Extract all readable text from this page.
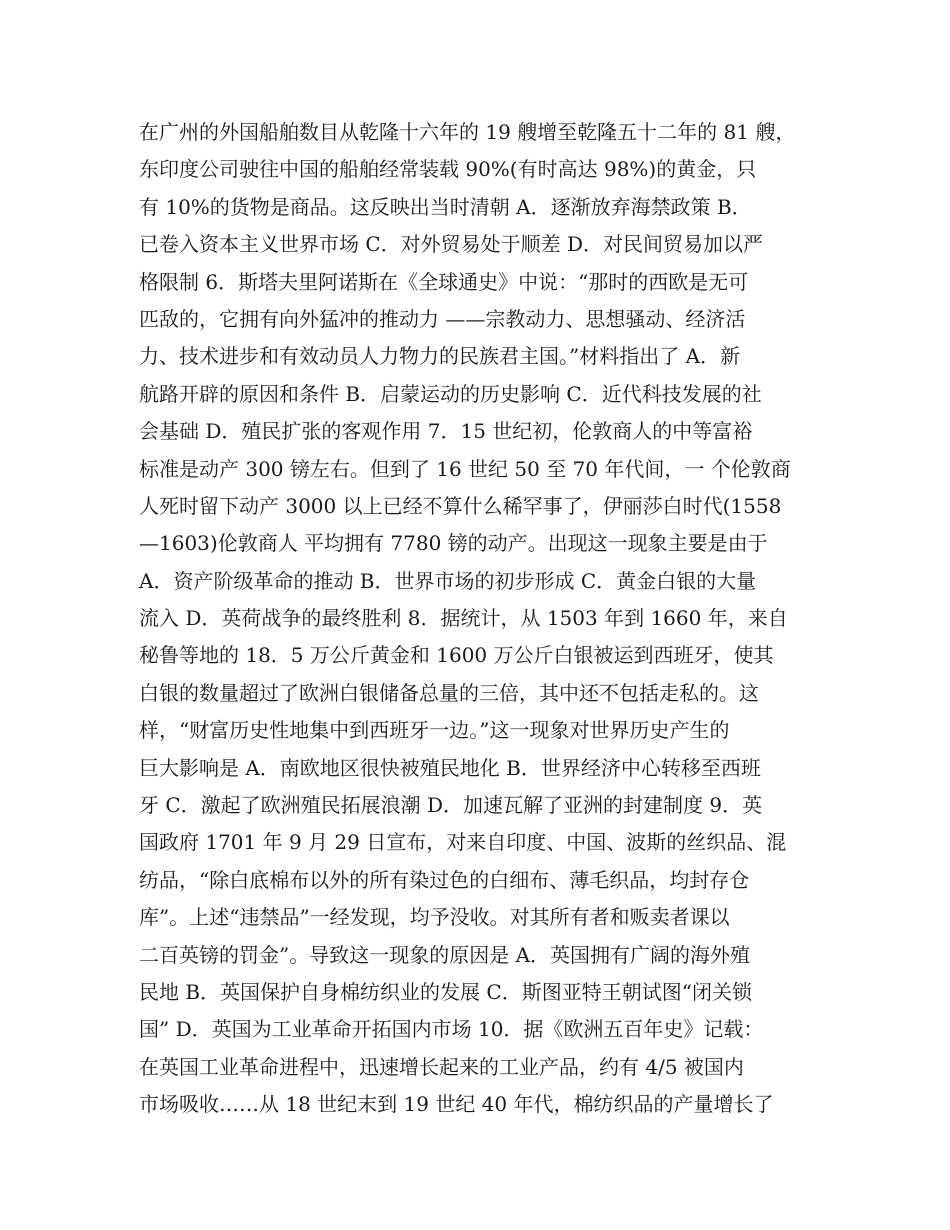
在广州的外国船舶数目从乾隆十六年的 19 艘增至乾隆五十二年的 81 艘，
东印度公司驶往中国的船舶经常装载 90%(有时高达 98%)的黄金，只
有 10%的货物是商品。这反映出当时清朝 A．逐渐放弃海禁政策 B．
已卷入资本主义世界市场 C．对外贸易处于顺差 D．对民间贸易加以严
格限制 6．斯塔夫里阿诺斯在《全球通史》中说：“那时的西欧是无可
匹敌的，它拥有向外猛冲的推动力 ——宗教动力、思想骚动、经济活
力、技术进步和有效动员人力物力的民族君主国。”材料指出了 A．新
航路开辟的原因和条件 B．启蒙运动的历史影响 C．近代科技发展的社
会基础 D．殖民扩张的客观作用 7．15 世纪初，伦敦商人的中等富裕
标准是动产 300 镑左右。但到了 16 世纪 50 至 70 年代间，一 个伦敦商
人死时留下动产 3000 以上已经不算什么稀罕事了，伊丽莎白时代(1558
—1603)伦敦商人 平均拥有 7780 镑的动产。出现这一现象主要是由于
A．资产阶级革命的推动 B．世界市场的初步形成 C．黄金白银的大量
流入 D．英荷战争的最终胜利 8．据统计，从 1503 年到 1660 年，来自
秘鲁等地的 18．5 万公斤黄金和 1600 万公斤白银被运到西班牙，使其
白银的数量超过了欧洲白银储备总量的三倍，其中还不包括走私的。这
样，“财富历史性地集中到西班牙一边。”这一现象对世界历史产生的
巨大影响是 A．南欧地区很快被殖民地化 B．世界经济中心转移至西班
牙 C．激起了欧洲殖民拓展浪潮 D．加速瓦解了亚洲的封建制度 9．英
国政府 1701 年 9 月 29 日宣布，对来自印度、中国、波斯的丝织品、混
纺品，“除白底棉布以外的所有染过色的白细布、薄毛织品，均封存仓
库”。上述“违禁品”一经发现，均予没收。对其所有者和贩卖者课以
二百英镑的罚金”。导致这一现象的原因是 A．英国拥有广阔的海外殖
民地 B．英国保护自身棉纺织业的发展 C．斯图亚特王朝试图“闭关锁
国” D．英国为工业革命开拓国内市场 10．据《欧洲五百年史》记载：
在英国工业革命进程中，迅速增长起来的工业产品，约有 4/5 被国内
市场吸收……从 18 世纪末到 19 世纪 40 年代，棉纺织品的产量增长了
